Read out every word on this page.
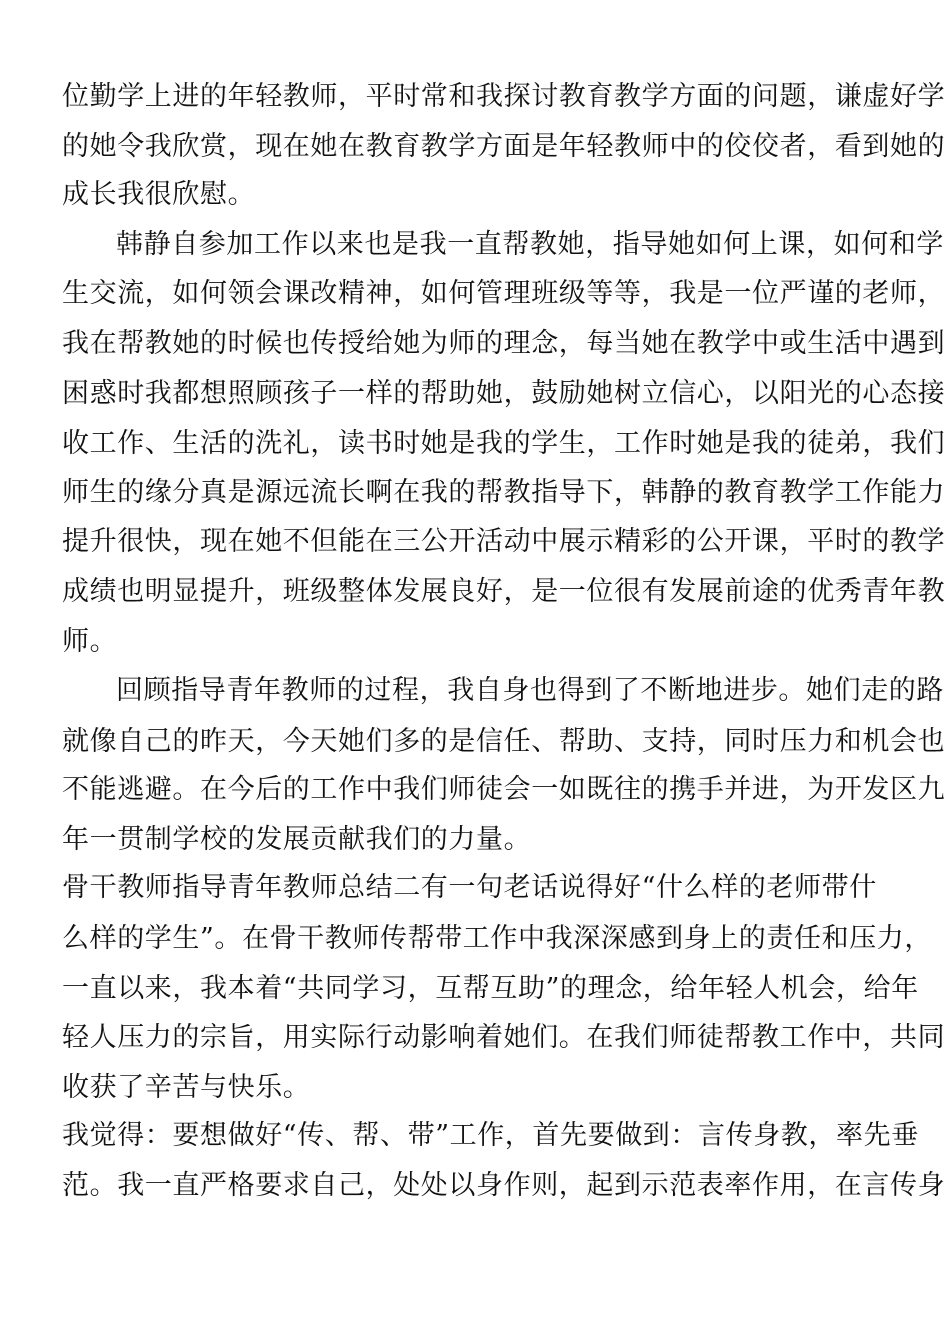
位勤学上进的年轻教师，平时常和我探讨教育教学方面的问题，谦虚好学
的她令我欣赏，现在她在教育教学方面是年轻教师中的佼佼者，看到她的
成长我很欣慰。
韩静自参加工作以来也是我一直帮教她，指导她如何上课，如何和学
生交流，如何领会课改精神，如何管理班级等等，我是一位严谨的老师，
我在帮教她的时候也传授给她为师的理念，每当她在教学中或生活中遇到
困惑时我都想照顾孩子一样的帮助她，鼓励她树立信心，以阳光的心态接
收工作、生活的洗礼，读书时她是我的学生，工作时她是我的徒弟，我们
师生的缘分真是源远流长啊在我的帮教指导下，韩静的教育教学工作能力
提升很快，现在她不但能在三公开活动中展示精彩的公开课，平时的教学
成绩也明显提升，班级整体发展良好，是一位很有发展前途的优秀青年教
师。
回顾指导青年教师的过程，我自身也得到了不断地进步。她们走的路
就像自己的昨天，今天她们多的是信任、帮助、支持，同时压力和机会也
不能逃避。在今后的工作中我们师徒会一如既往的携手并进，为开发区九
年一贯制学校的发展贡献我们的力量。
骨干教师指导青年教师总结二有一句老话说得好“什么样的老师带什
么样的学生”。在骨干教师传帮带工作中我深深感到身上的责任和压力，
一直以来，我本着“共同学习，互帮互助”的理念，给年轻人机会，给年
轻人压力的宗旨，用实际行动影响着她们。在我们师徒帮教工作中，共同
收获了辛苦与快乐。
我觉得：要想做好“传、帮、带”工作，首先要做到：言传身教，率先垂
范。我一直严格要求自己，处处以身作则，起到示范表率作用，在言传身
